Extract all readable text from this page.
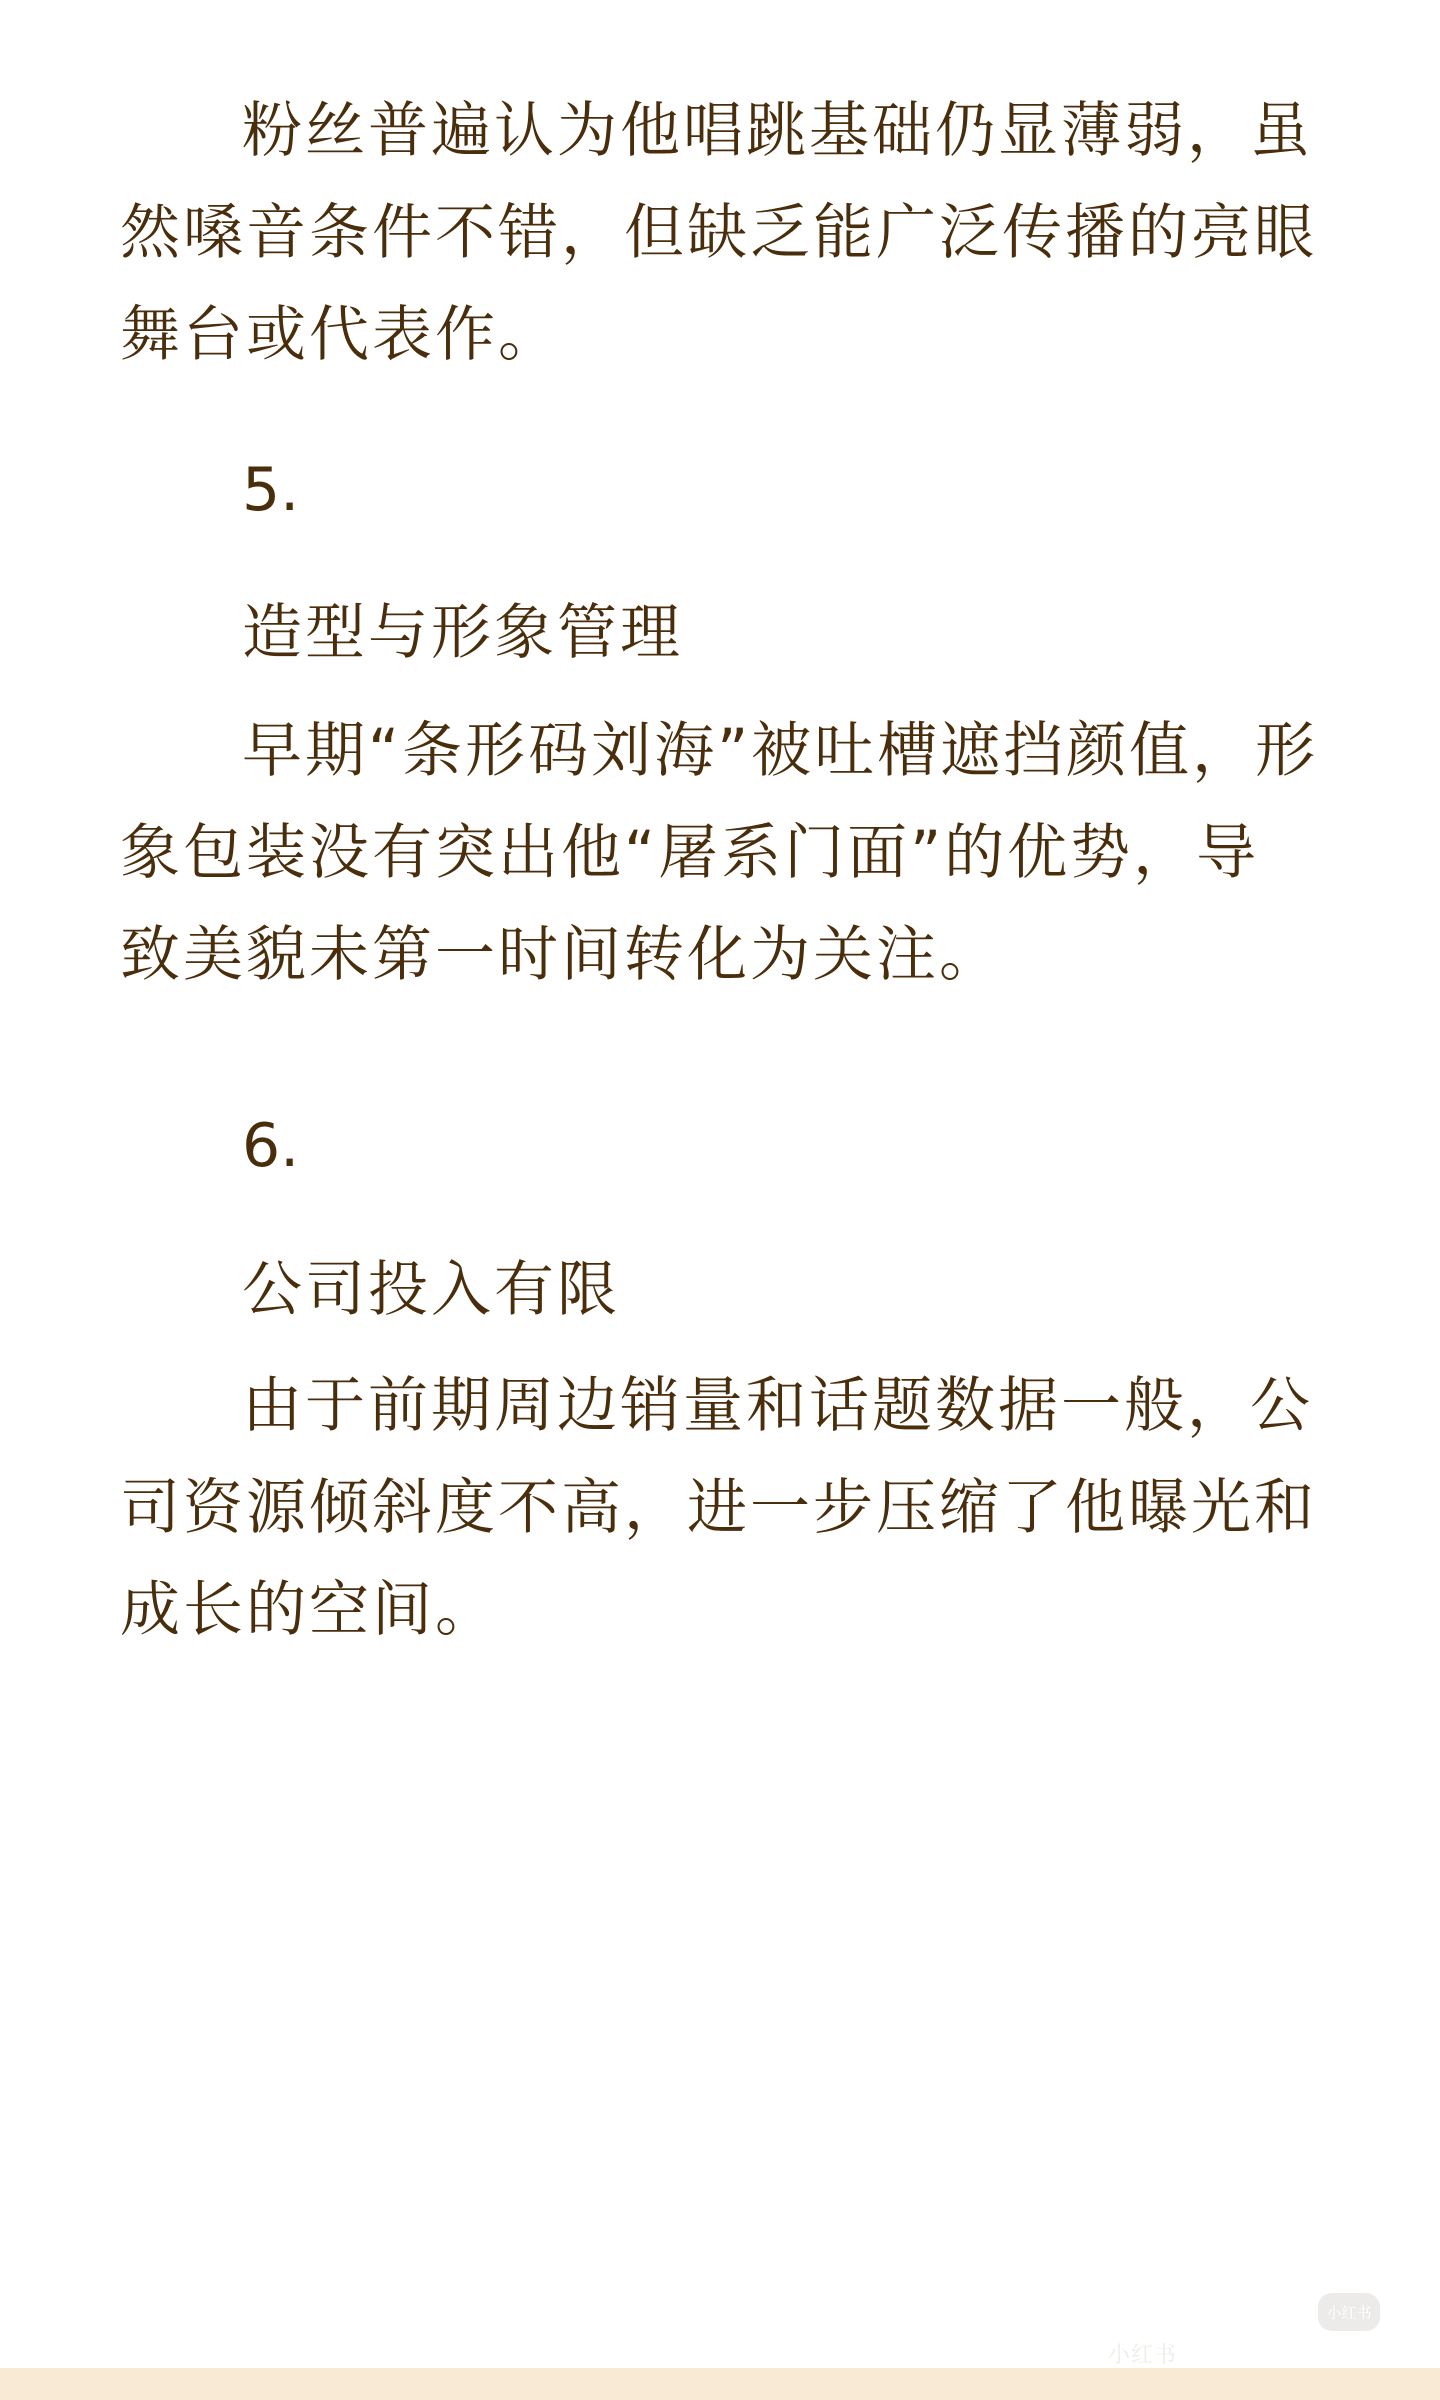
粉丝普遍认为他唱跳基础仍显薄弱，虽然嗓音条件不错，但缺乏能广泛传播的亮眼舞台或代表作。

5.
造型与形象管理

早期“条形码刘海”被吐槽遮挡颜值，形象包装没有突出他“屠系门面”的优势，导致美貌未第一时间转化为关注。

6.
公司投入有限

由于前期周边销量和话题数据一般，公司资源倾斜度不高，进一步压缩了他曝光和成长的空间。

小红书
小红书
